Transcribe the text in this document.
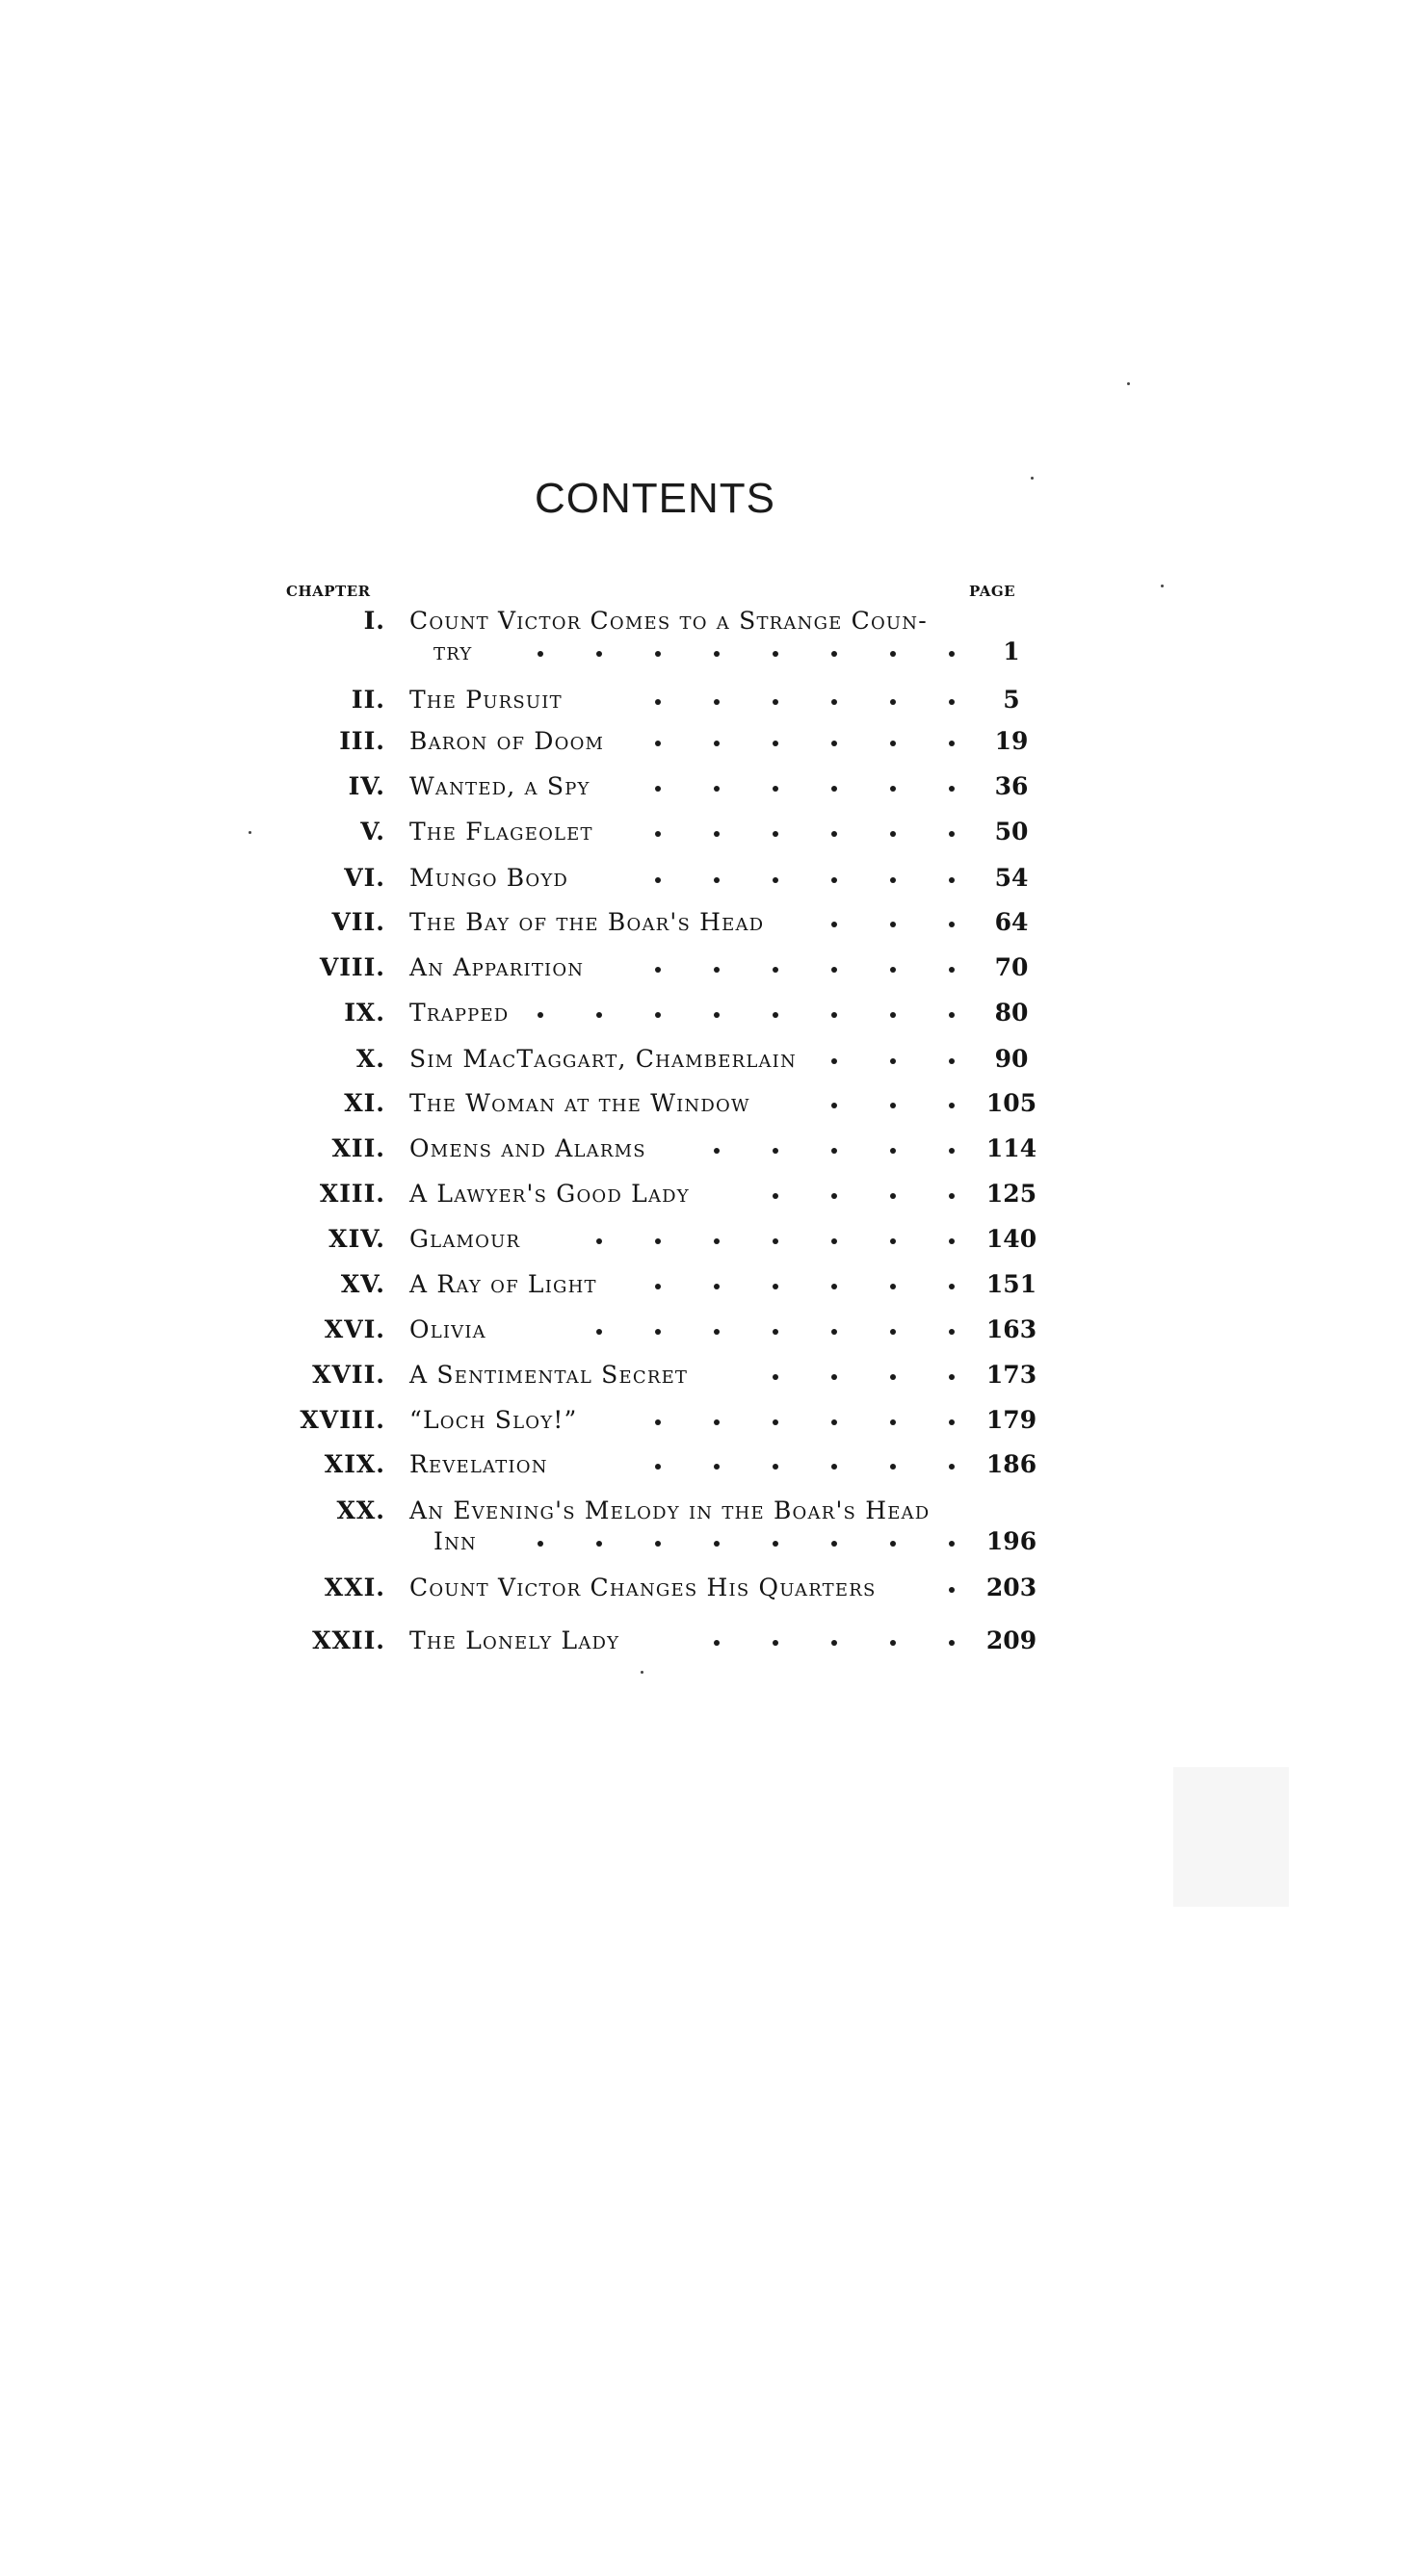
CONTENTS
CHAPTER	PAGE
I. Count Victor Comes to a Strange Coun-
try	1
II. The Pursuit	5
III. Baron of Doom	19
IV. Wanted, a Spy	36
V. The Flageolet	50
VI. Mungo Boyd	54
VII. The Bay of the Boar's Head	64
VIII. An Apparition	70
IX. Trapped	80
X. Sim MacTaggart, Chamberlain	90
XI. The Woman at the Window	105
XII. Omens and Alarms	114
XIII. A Lawyer's Good Lady	125
XIV. Glamour	140
XV. A Ray of Light	151
XVI. Olivia	163
XVII. A Sentimental Secret	173
XVIII. “Loch Sloy!”	179
XIX. Revelation	186
XX. An Evening's Melody in the Boar's Head
Inn	196
XXI. Count Victor Changes His Quarters	203
XXII. The Lonely Lady	209
